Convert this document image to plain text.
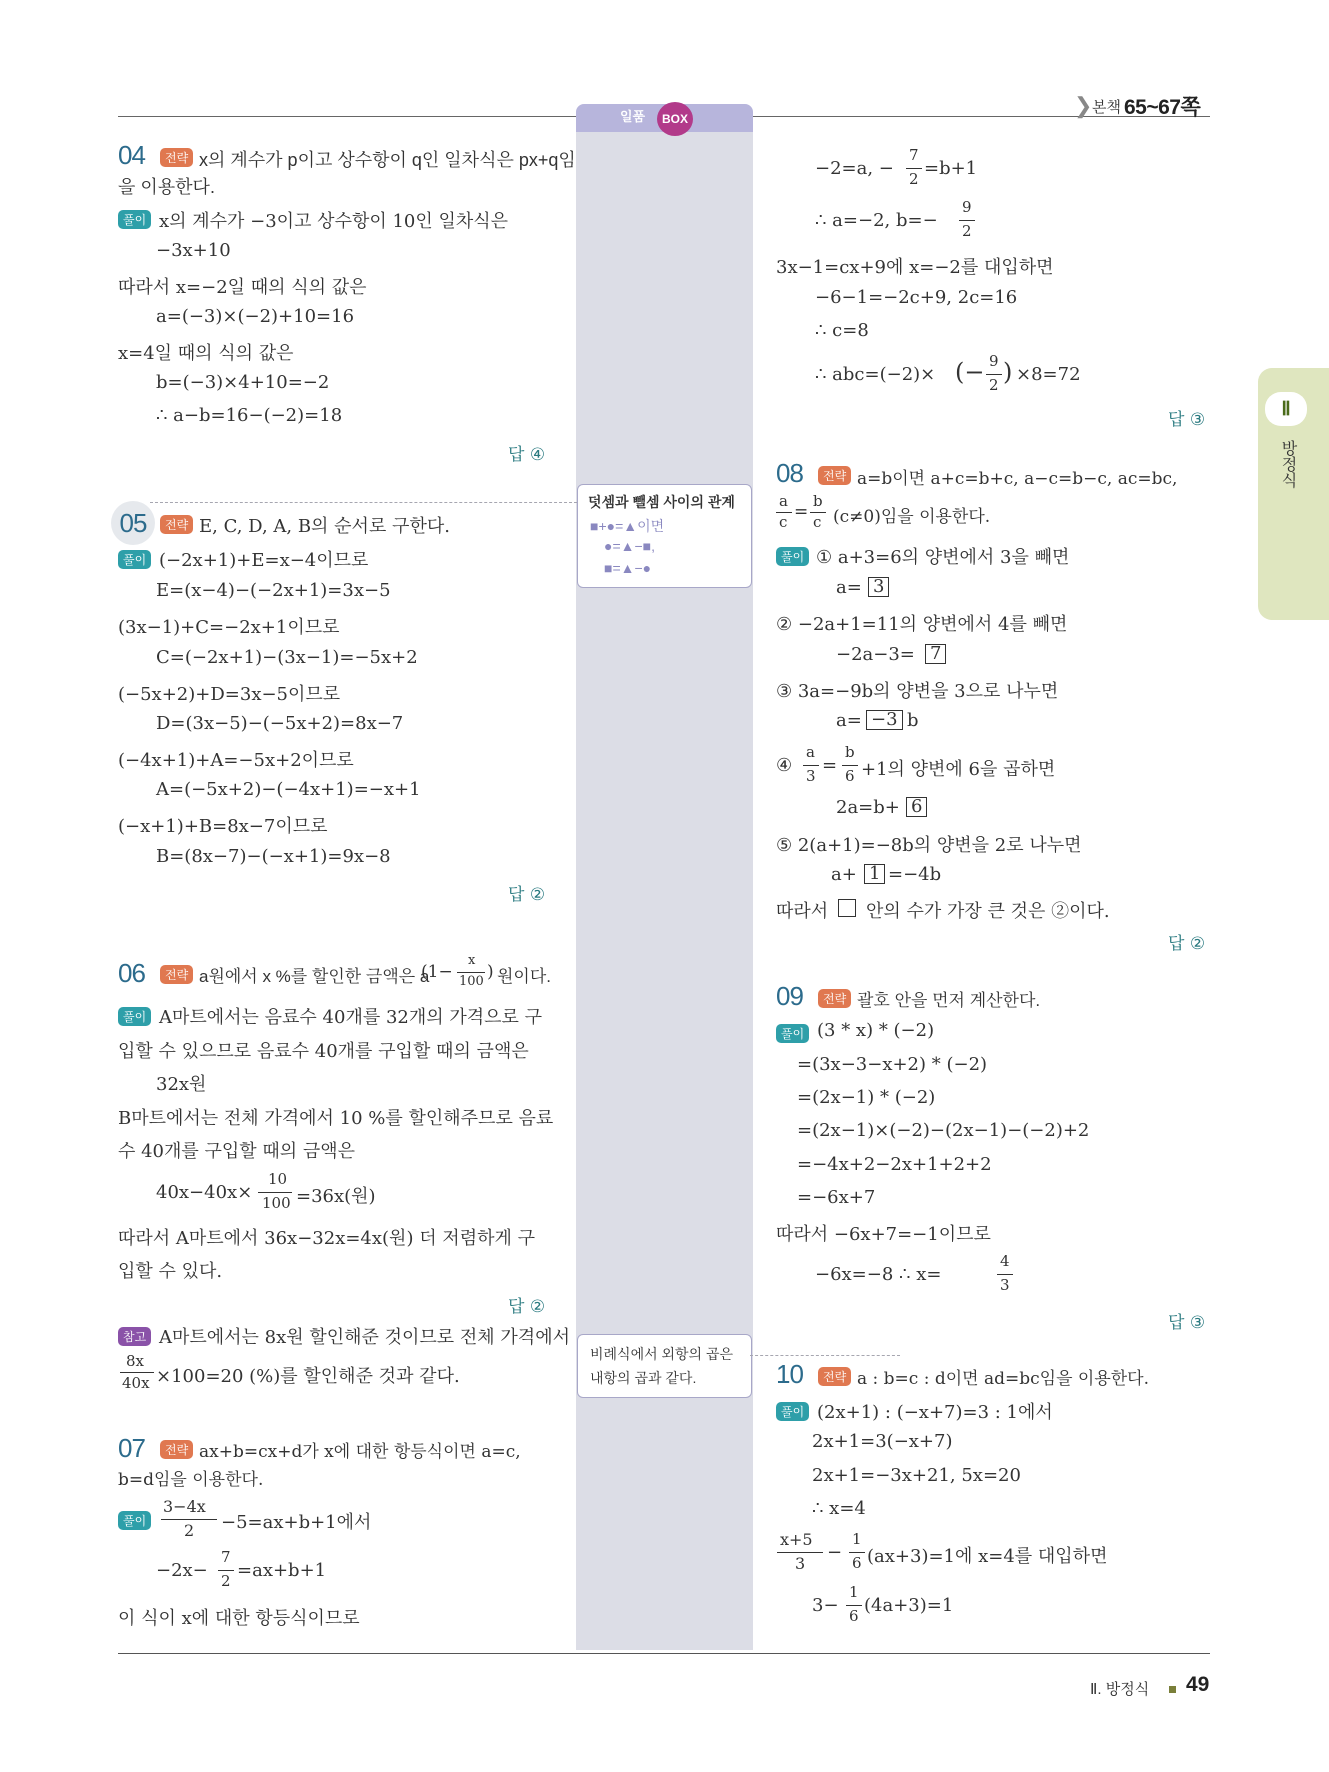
일품	BOX
❯ 본책 65~67쪽
Ⅱ
방정식
덧셈과 뺄셈 사이의 관계
■+●=▲이면
●=▲−■,
■=▲−●
비례식에서 외항의 곱은
내항의 곱과 같다.
04	전략 x의 계수가 p이고 상수항이 q인 일차식은 px+q임
을 이용한다.
풀이 x의 계수가 −3이고 상수항이 10인 일차식은
−3x+10
따라서 x=−2일 때의 식의 값은
a=(−3)×(−2)+10=16
x=4일 때의 식의 값은
b=(−3)×4+10=−2
∴ a−b=16−(−2)=18
답 ④
05	전략 E, C, D, A, B의 순서로 구한다.
풀이 (−2x+1)+E=x−4이므로
E=(x−4)−(−2x+1)=3x−5
(3x−1)+C=−2x+1이므로
C=(−2x+1)−(3x−1)=−5x+2
(−5x+2)+D=3x−5이므로
D=(3x−5)−(−5x+2)=8x−7
(−4x+1)+A=−5x+2이므로
A=(−5x+2)−(−4x+1)=−x+1
(−x+1)+B=8x−7이므로
B=(8x−7)−(−x+1)=9x−8
답 ②
06	전략 a원에서 x %를 할인한 금액은 a
(1−
x
100 ) 원이다.
풀이 A마트에서는 음료수 40개를 32개의 가격으로 구
입할 수 있으므로 음료수 40개를 구입할 때의 금액은
32x원
B마트에서는 전체 가격에서 10 %를 할인해주므로 음료
수 40개를 구입할 때의 금액은
40x−40x×
10
100 =36x(원)
따라서 A마트에서 36x−32x=4x(원) 더 저렴하게 구
입할 수 있다.
답 ②
참고 A마트에서는 8x원 할인해준 것이므로 전체 가격에서
8x
40x ×100=20 (%)를 할인해준 것과 같다.
07	전략 ax+b=cx+d가 x에 대한 항등식이면 a=c,
b=d임을 이용한다.
풀이
3−4x
2 −5=ax+b+1에서
−2x−
7
2 =ax+b+1
이 식이 x에 대한 항등식이므로
−2=a, −
7
2 =b+1
∴ a=−2, b=−
9
2
3x−1=cx+9에 x=−2를 대입하면
−6−1=−2c+9, 2c=16
∴ c=8
∴ abc=(−2)× (− 9
2 ) ×8=72
답 ③
08	전략 a=b이면 a+c=b+c, a−c=b−c, ac=bc,
a
c =
b
c (c≠0)임을 이용한다.
풀이 ① a+3=6의 양변에서 3을 빼면
a= 3
② −2a+1=11의 양변에서 4를 빼면
−2a−3= 7
③ 3a=−9b의 양변을 3으로 나누면
a= −3 b
④
a
3 =
b
6 +1의 양변에 6을 곱하면
2a=b+ 6
⑤ 2(a+1)=−8b의 양변을 2로 나누면
a+ 1 =−4b
따라서 안의 수가 가장 큰 것은 ②이다.
답 ②
09	전략 괄호 안을 먼저 계산한다.
풀이 (3 * x) * (−2)
=(3x−3−x+2) * (−2)
=(2x−1) * (−2)
=(2x−1)×(−2)−(2x−1)−(−2)+2
=−4x+2−2x+1+2+2
=−6x+7
따라서 −6x+7=−1이므로
−6x=−8 ∴ x=
4
3
답 ③
10	전략 a : b=c : d이면 ad=bc임을 이용한다.
풀이 (2x+1) : (−x+7)=3 : 1에서
2x+1=3(−x+7)
2x+1=−3x+21, 5x=20
∴ x=4
x+5
3
−
1
6 (ax+3)=1에 x=4를 대입하면
3−
1
6 (4a+3)=1
Ⅱ. 방정식 49
